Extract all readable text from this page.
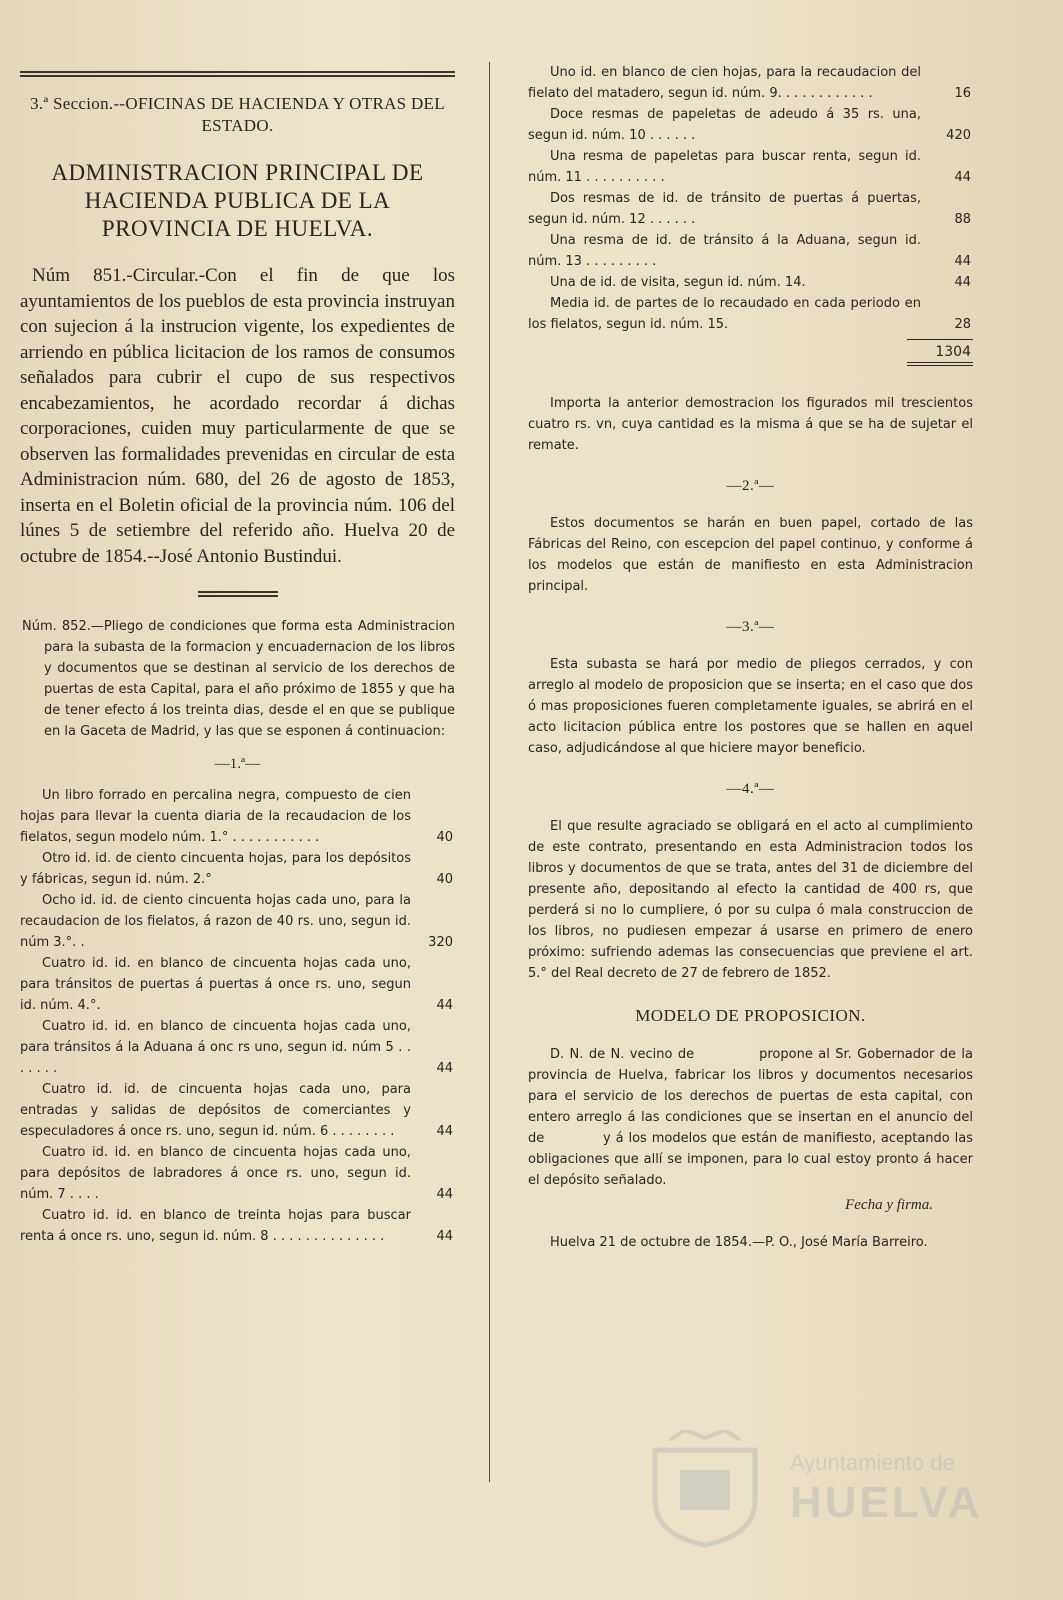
3.ª Seccion.--OFICINAS DE HACIENDA Y OTRAS DEL ESTADO.

ADMINISTRACION PRINCIPAL DE HACIENDA PUBLICA DE LA PROVINCIA DE HUELVA.

Núm 851.-Circular.-Con el fin de que los ayuntamientos de los pueblos de esta provincia instruyan con sujecion á la instrucion vigente, los expedientes de arriendo en pública licitacion de los ramos de consumos señalados para cubrir el cupo de sus respectivos encabezamientos, he acordado recordar á dichas corporaciones, cuiden muy particularmente de que se observen las formalidades prevenidas en circular de esta Administracion núm. 680, del 26 de agosto de 1853, inserta en el Boletin oficial de la provincia núm. 106 del lúnes 5 de setiembre del referido año. Huelva 20 de octubre de 1854.--José Antonio Bustindui.

Núm. 852.—Pliego de condiciones que forma esta Administracion para la subasta de la formacion y encuadernacion de los libros y documentos que se destinan al servicio de los derechos de puertas de esta Capital, para el año próximo de 1855 y que ha de tener efecto á los treinta dias, desde el en que se publique en la Gaceta de Madrid, y las que se esponen á continuacion:

—1.ª—

Un libro forrado en percalina negra, compuesto de cien hojas para llevar la cuenta diaria de la recaudacion de los fielatos, segun modelo núm. 1.° . . . . . . . . . . .	40
Otro id. id. de ciento cincuenta hojas, para los depósitos y fábricas, segun id. núm. 2.°	40
Ocho id. id. de ciento cincuenta hojas cada uno, para la recaudacion de los fielatos, á razon de 40 rs. uno, segun id. núm 3.°. .	320
Cuatro id. id. en blanco de cincuenta hojas cada uno, para tránsitos de puertas á puertas á once rs. uno, segun id. núm. 4.°.	44
Cuatro id. id. en blanco de cincuenta hojas cada uno, para tránsitos á la Aduana á onc rs uno, segun id. núm 5 . . . . . . .	44
Cuatro id. id. de cincuenta hojas cada uno, para entradas y salidas de depósitos de comerciantes y especuladores á once rs. uno, segun id. núm. 6 . . . . . . . .	44
Cuatro id. id. en blanco de cincuenta hojas cada uno, para depósitos de labradores á once rs. uno, segun id. núm. 7 . . . .	44
Cuatro id. id. en blanco de treinta hojas para buscar renta á once rs. uno, segun id. núm. 8 . . . . . . . . . . . . . .	44
Uno id. en blanco de cien hojas, para la recaudacion del fielato del matadero, segun id. núm. 9. . . . . . . . . . . .	16
Doce resmas de papeletas de adeudo á 35 rs. una, segun id. núm. 10 . . . . . .	420
Una resma de papeletas para buscar renta, segun id. núm. 11 . . . . . . . . . .	44
Dos resmas de id. de tránsito de puertas á puertas, segun id. núm. 12 . . . . . .	88
Una resma de id. de tránsito á la Aduana, segun id. núm. 13 . . . . . . . . .	44
Una de id. de visita, segun id. núm. 14.	44
Media id. de partes de lo recaudado en cada periodo en los fielatos, segun id. núm. 15.	28
1304

Importa la anterior demostracion los figurados mil trescientos cuatro rs. vn, cuya cantidad es la misma á que se ha de sujetar el remate.

—2.ª—

Estos documentos se harán en buen papel, cortado de las Fábricas del Reino, con escepcion del papel continuo, y conforme á los modelos que están de manifiesto en esta Administracion principal.

—3.ª—

Esta subasta se hará por medio de pliegos cerrados, y con arreglo al modelo de proposicion que se inserta; en el caso que dos ó mas proposiciones fueren completamente iguales, se abrirá en el acto licitacion pública entre los postores que se hallen en aquel caso, adjudicándose al que hiciere mayor beneficio.

—4.ª—

El que resulte agraciado se obligará en el acto al cumplimiento de este contrato, presentando en esta Administracion todos los libros y documentos de que se trata, antes del 31 de diciembre del presente año, depositando al efecto la cantidad de 400 rs, que perderá si no lo cumpliere, ó por su culpa ó mala construccion de los libros, no pudiesen empezar á usarse en primero de enero próximo: sufriendo ademas las consecuencias que previene el art. 5.° del Real decreto de 27 de febrero de 1852.

MODELO DE PROPOSICION.

D. N. de N. vecino de            propone al Sr. Gobernador de la provincia de Huelva, fabricar los libros y documentos necesarios para el servicio de los derechos de puertas de esta capital, con entero arreglo á las condiciones que se insertan en el anuncio del            de            y á los modelos que están de manifiesto, aceptando las obligaciones que allí se imponen, para lo cual estoy pronto á hacer el depósito señalado.

Fecha y firma.

Huelva 21 de octubre de 1854.—P. O., José María Barreiro.

Ayuntamiento de
HUELVA
